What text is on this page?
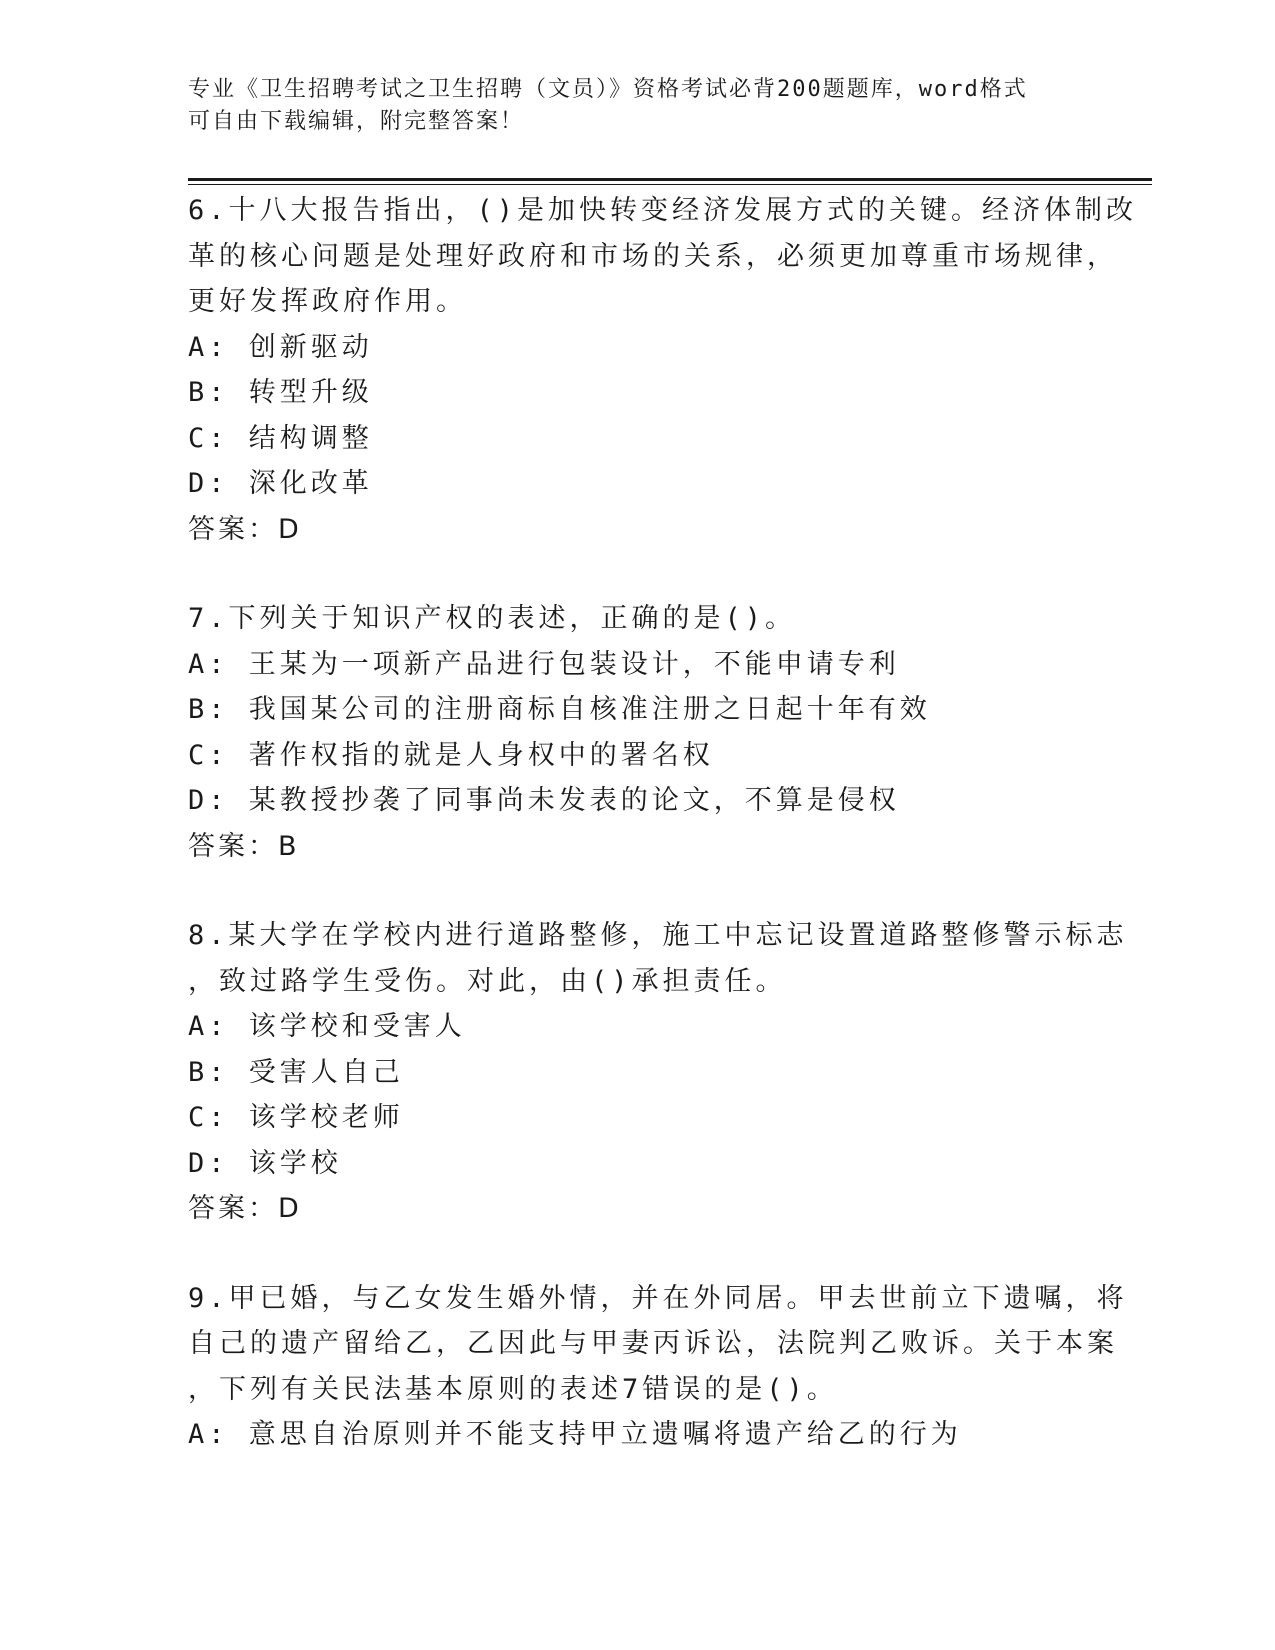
专业《卫生招聘考试之卫生招聘（文员）》资格考试必背200题题库，word格式
可自由下载编辑，附完整答案！
6.十八大报告指出，()是加快转变经济发展方式的关键。经济体制改
革的核心问题是处理好政府和市场的关系，必须更加尊重市场规律，
更好发挥政府作用。
A: 创新驱动
B: 转型升级
C: 结构调整
D: 深化改革
答案：D
7.下列关于知识产权的表述，正确的是()。
A: 王某为一项新产品进行包装设计，不能申请专利
B: 我国某公司的注册商标自核准注册之日起十年有效
C: 著作权指的就是人身权中的署名权
D: 某教授抄袭了同事尚未发表的论文，不算是侵权
答案：B
8.某大学在学校内进行道路整修，施工中忘记设置道路整修警示标志
，致过路学生受伤。对此，由()承担责任。
A: 该学校和受害人
B: 受害人自己
C: 该学校老师
D: 该学校
答案：D
9.甲已婚，与乙女发生婚外情，并在外同居。甲去世前立下遗嘱，将
自己的遗产留给乙，乙因此与甲妻丙诉讼，法院判乙败诉。关于本案
，下列有关民法基本原则的表述7错误的是()。
A: 意思自治原则并不能支持甲立遗嘱将遗产给乙的行为
